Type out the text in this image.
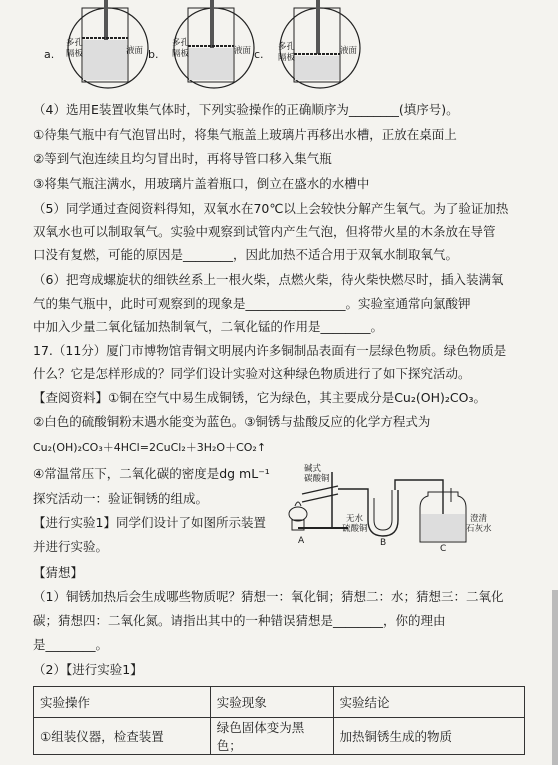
a.
多孔隔板	液面 b.
多孔隔板	液面 c.
多孔隔板
液面
（4）选用E装置收集气体时，下列实验操作的正确顺序为________(填序号)。
①待集气瓶中有气泡冒出时，将集气瓶盖上玻璃片再移出水槽，正放在桌面上
②等到气泡连续且均匀冒出时，再将导管口移入集气瓶
③将集气瓶注满水，用玻璃片盖着瓶口，倒立在盛水的水槽中
（5）同学通过查阅资料得知，双氧水在70℃以上会较快分解产生氧气。为了验证加热
双氧水也可以制取氧气。实验中观察到试管内产生气泡，但将带火星的木条放在导管
口没有复燃，可能的原因是________，因此加热不适合用于双氧水制取氧气。
（6）把弯成螺旋状的细铁丝系上一根火柴，点燃火柴，待火柴快燃尽时，插入装满氧
气的集气瓶中，此时可观察到的现象是________________。实验室通常向氯酸钾
中加入少量二氧化锰加热制氧气，二氧化锰的作用是________。
17.（11分）厦门市博物馆青铜文明展内许多铜制品表面有一层绿色物质。绿色物质是
什么？它是怎样形成的？同学们设计实验对这种绿色物质进行了如下探究活动。
【查阅资料】①铜在空气中易生成铜锈，它为绿色，其主要成分是Cu₂(OH)₂CO₃。
②白色的硫酸铜粉末遇水能变为蓝色。③铜锈与盐酸反应的化学方程式为
Cu₂(OH)₂CO₃＋4HCl=2CuCl₂＋3H₂O＋CO₂↑
④常温常压下，二氧化碳的密度是dg mL⁻¹
探究活动一：验证铜锈的组成。
【进行实验1】同学们设计了如图所示装置
并进行实验。
【猜想】
（1）铜锈加热后会生成哪些物质呢？猜想一：氧化铜；猜想二：水；猜想三：二氧化
碳；猜想四：二氧化氮。请指出其中的一种错误猜想是________，你的理由
是________。
（2）【进行实验1】
碱式
碳酸铜
无水
硫酸铜
澄清
石灰水
A	B
C
实验操作	实验现象	实验结论
①组装仪器，检查装置	绿色固体变为黑色；	加热铜锈生成的物质
